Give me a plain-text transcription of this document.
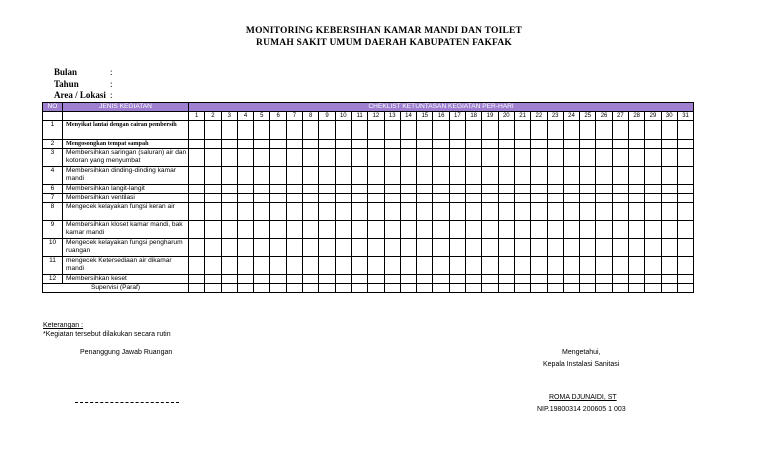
MONITORING KEBERSIHAN KAMAR MANDI DAN TOILET
RUMAH SAKIT UMUM DAERAH KABUPATEN FAKFAK
Bulan	:
Tahun	:
Area / Lokasi :
NO	JENIS KEGIATAN	CHEKLIST KETUNTASAN KEGIATAN PER-HARI																														
		1	2	3	4	5	6	7	8	9	10	11	12	13	14	15	16	17	18	19	20	21	22	23	24	25	26	27	28	29	30	31
1	Menyikat lantai dengan cairan pembersih																															
2	Mengosongkan tempat sampah																															
3	Membersihkan saringan (saluran) air dan kotoran yang menyumbat																															
4	Membersihkan dinding-dinding kamar mandi																															
6	Membersihkan langit-langit																															
7	Membersihkan ventilasi																															
8	Mengecek kelayakan fungsi keran air																															
9	Membersihkan kloset kamar mandi, bak kamar mandi																															
10	Mengecek kelayakan fungsi pengharum ruangan																															
11	mengecek Ketersediaan air dikamar mandi																															
12	Membersihkan keset																															
Supervisi (Paraf)																																
Keterangan :
*Kegiatan tersebut dilakukan secara rutin
Penanggung Jawab Ruangan	Mengetahui,
Kepala Instalasi Sanitasi
ROMA DJUNAIDI, ST
NIP.19800314 200605 1 003
